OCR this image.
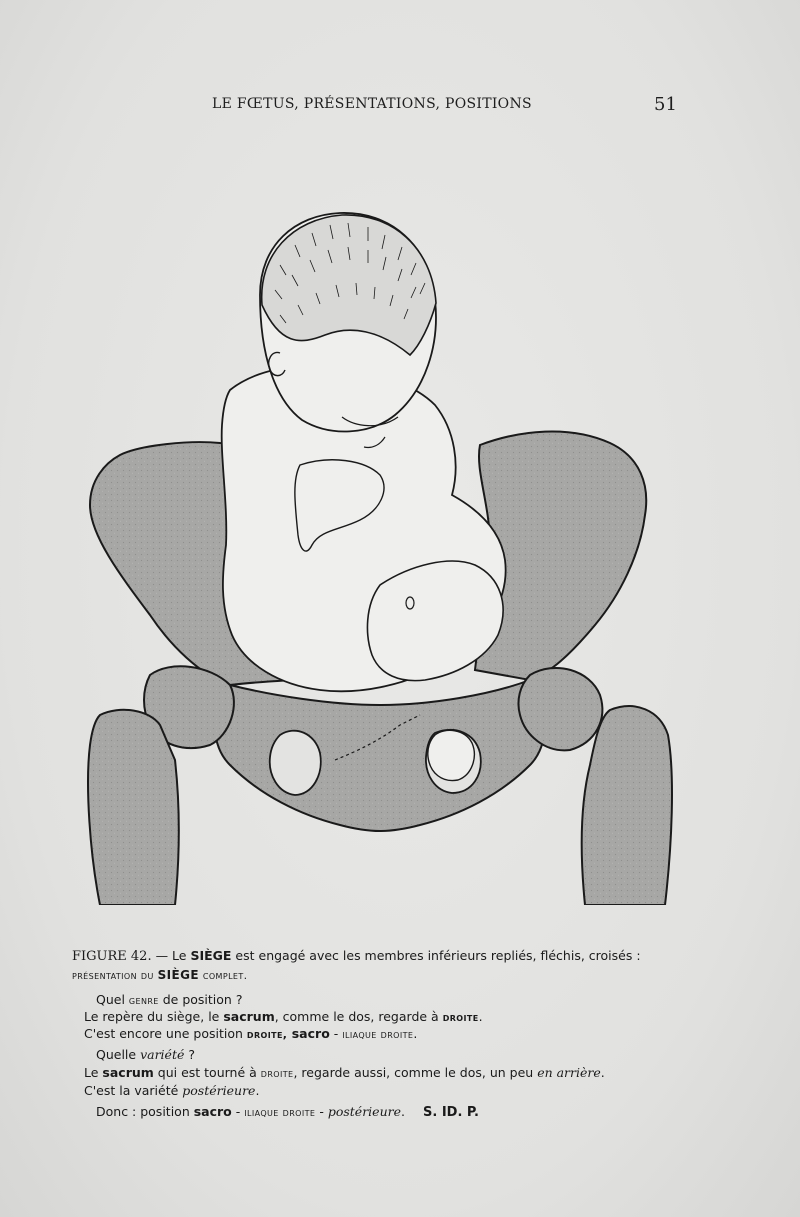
LE FŒTUS, PRÉSENTATIONS, POSITIONS	51
FIGURE 42. — Le SIÈGE est engagé avec les membres inférieurs repliés, fléchis, croisés :
présentation du SIÈGE complet.
Quel genre de position ?
Le repère du siège, le sacrum, comme le dos, regarde à droite.
C'est encore une position droite, sacro - iliaque droite.
Quelle variété ?
Le sacrum qui est tourné à droite, regarde aussi, comme le dos, un peu en arrière.
C'est la variété postérieure.
Donc : position sacro - iliaque droite - postérieure. S. ID. P.
